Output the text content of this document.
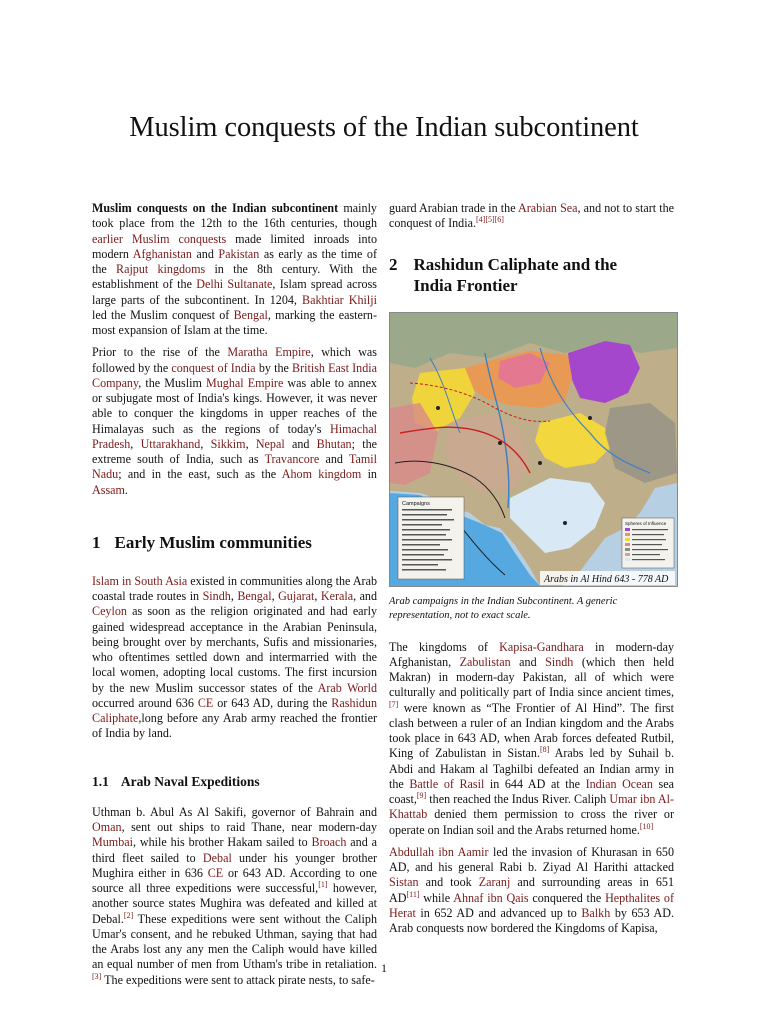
Muslim conquests of the Indian subcontinent

Muslim conquests on the Indian subcontinent mainly took place from the 12th to the 16th centuries, though earlier Muslim conquests made limited inroads into modern Afghanistan and Pakistan as early as the time of the Rajput kingdoms in the 8th century. With the establishment of the Delhi Sultanate, Islam spread across large parts of the subcontinent. In 1204, Bakhtiar Khilji led the Muslim conquest of Bengal, marking the eastern-most expansion of Islam at the time.

Prior to the rise of the Maratha Empire, which was followed by the conquest of India by the British East India Company, the Muslim Mughal Empire was able to annex or subjugate most of India's kings. However, it was never able to conquer the kingdoms in upper reaches of the Himalayas such as the regions of today's Himachal Pradesh, Uttarakhand, Sikkim, Nepal and Bhutan; the extreme south of India, such as Travancore and Tamil Nadu; and in the east, such as the Ahom kingdom in Assam.

1 Early Muslim communities

Islam in South Asia existed in communities along the Arab coastal trade routes in Sindh, Bengal, Gujarat, Kerala, and Ceylon as soon as the religion originated and had early gained widespread acceptance in the Arabian Peninsula, being brought over by merchants, Sufis and missionaries, who oftentimes settled down and intermarried with the local women, adopting local customs. The first incursion by the new Muslim successor states of the Arab World occurred around 636 CE or 643 AD, during the Rashidun Caliphate,long before any Arab army reached the frontier of India by land.

1.1 Arab Naval Expeditions

Uthman b. Abul As Al Sakifi, governor of Bahrain and Oman, sent out ships to raid Thane, near modern-day Mumbai, while his brother Hakam sailed to Broach and a third fleet sailed to Debal under his younger brother Mughira either in 636 CE or 643 AD. According to one source all three expeditions were successful,[1] however, another source states Mughira was defeated and killed at Debal.[2] These expeditions were sent without the Caliph Umar's consent, and he rebuked Uthman, saying that had the Arabs lost any any men the Caliph would have killed an equal number of men from Utham's tribe in retaliation.[3] The expeditions were sent to attack pirate nests, to safe-

guard Arabian trade in the Arabian Sea, and not to start the conquest of India.[4][5][6]

2 Rashidun Caliphate and the India Frontier
Campaigns
Spheres of Influence
Arabs in Al Hind 643 - 778 AD

Arab campaigns in the Indian Subcontinent. A generic representation, not to exact scale.

The kingdoms of Kapisa-Gandhara in modern-day Afghanistan, Zabulistan and Sindh (which then held Makran) in modern-day Pakistan, all of which were culturally and politically part of India since ancient times,[7] were known as “The Frontier of Al Hind”. The first clash between a ruler of an Indian kingdom and the Arabs took place in 643 AD, when Arab forces defeated Rutbil, King of Zabulistan in Sistan.[8] Arabs led by Suhail b. Abdi and Hakam al Taghilbi defeated an Indian army in the Battle of Rasil in 644 AD at the Indian Ocean sea coast,[9] then reached the Indus River. Caliph Umar ibn Al-Khattab denied them permission to cross the river or operate on Indian soil and the Arabs returned home.[10]

Abdullah ibn Aamir led the invasion of Khurasan in 650 AD, and his general Rabi b. Ziyad Al Harithi attacked Sistan and took Zaranj and surrounding areas in 651 AD[11] while Ahnaf ibn Qais conquered the Hepthalites of Herat in 652 AD and advanced up to Balkh by 653 AD. Arab conquests now bordered the Kingdoms of Kapisa,

1
